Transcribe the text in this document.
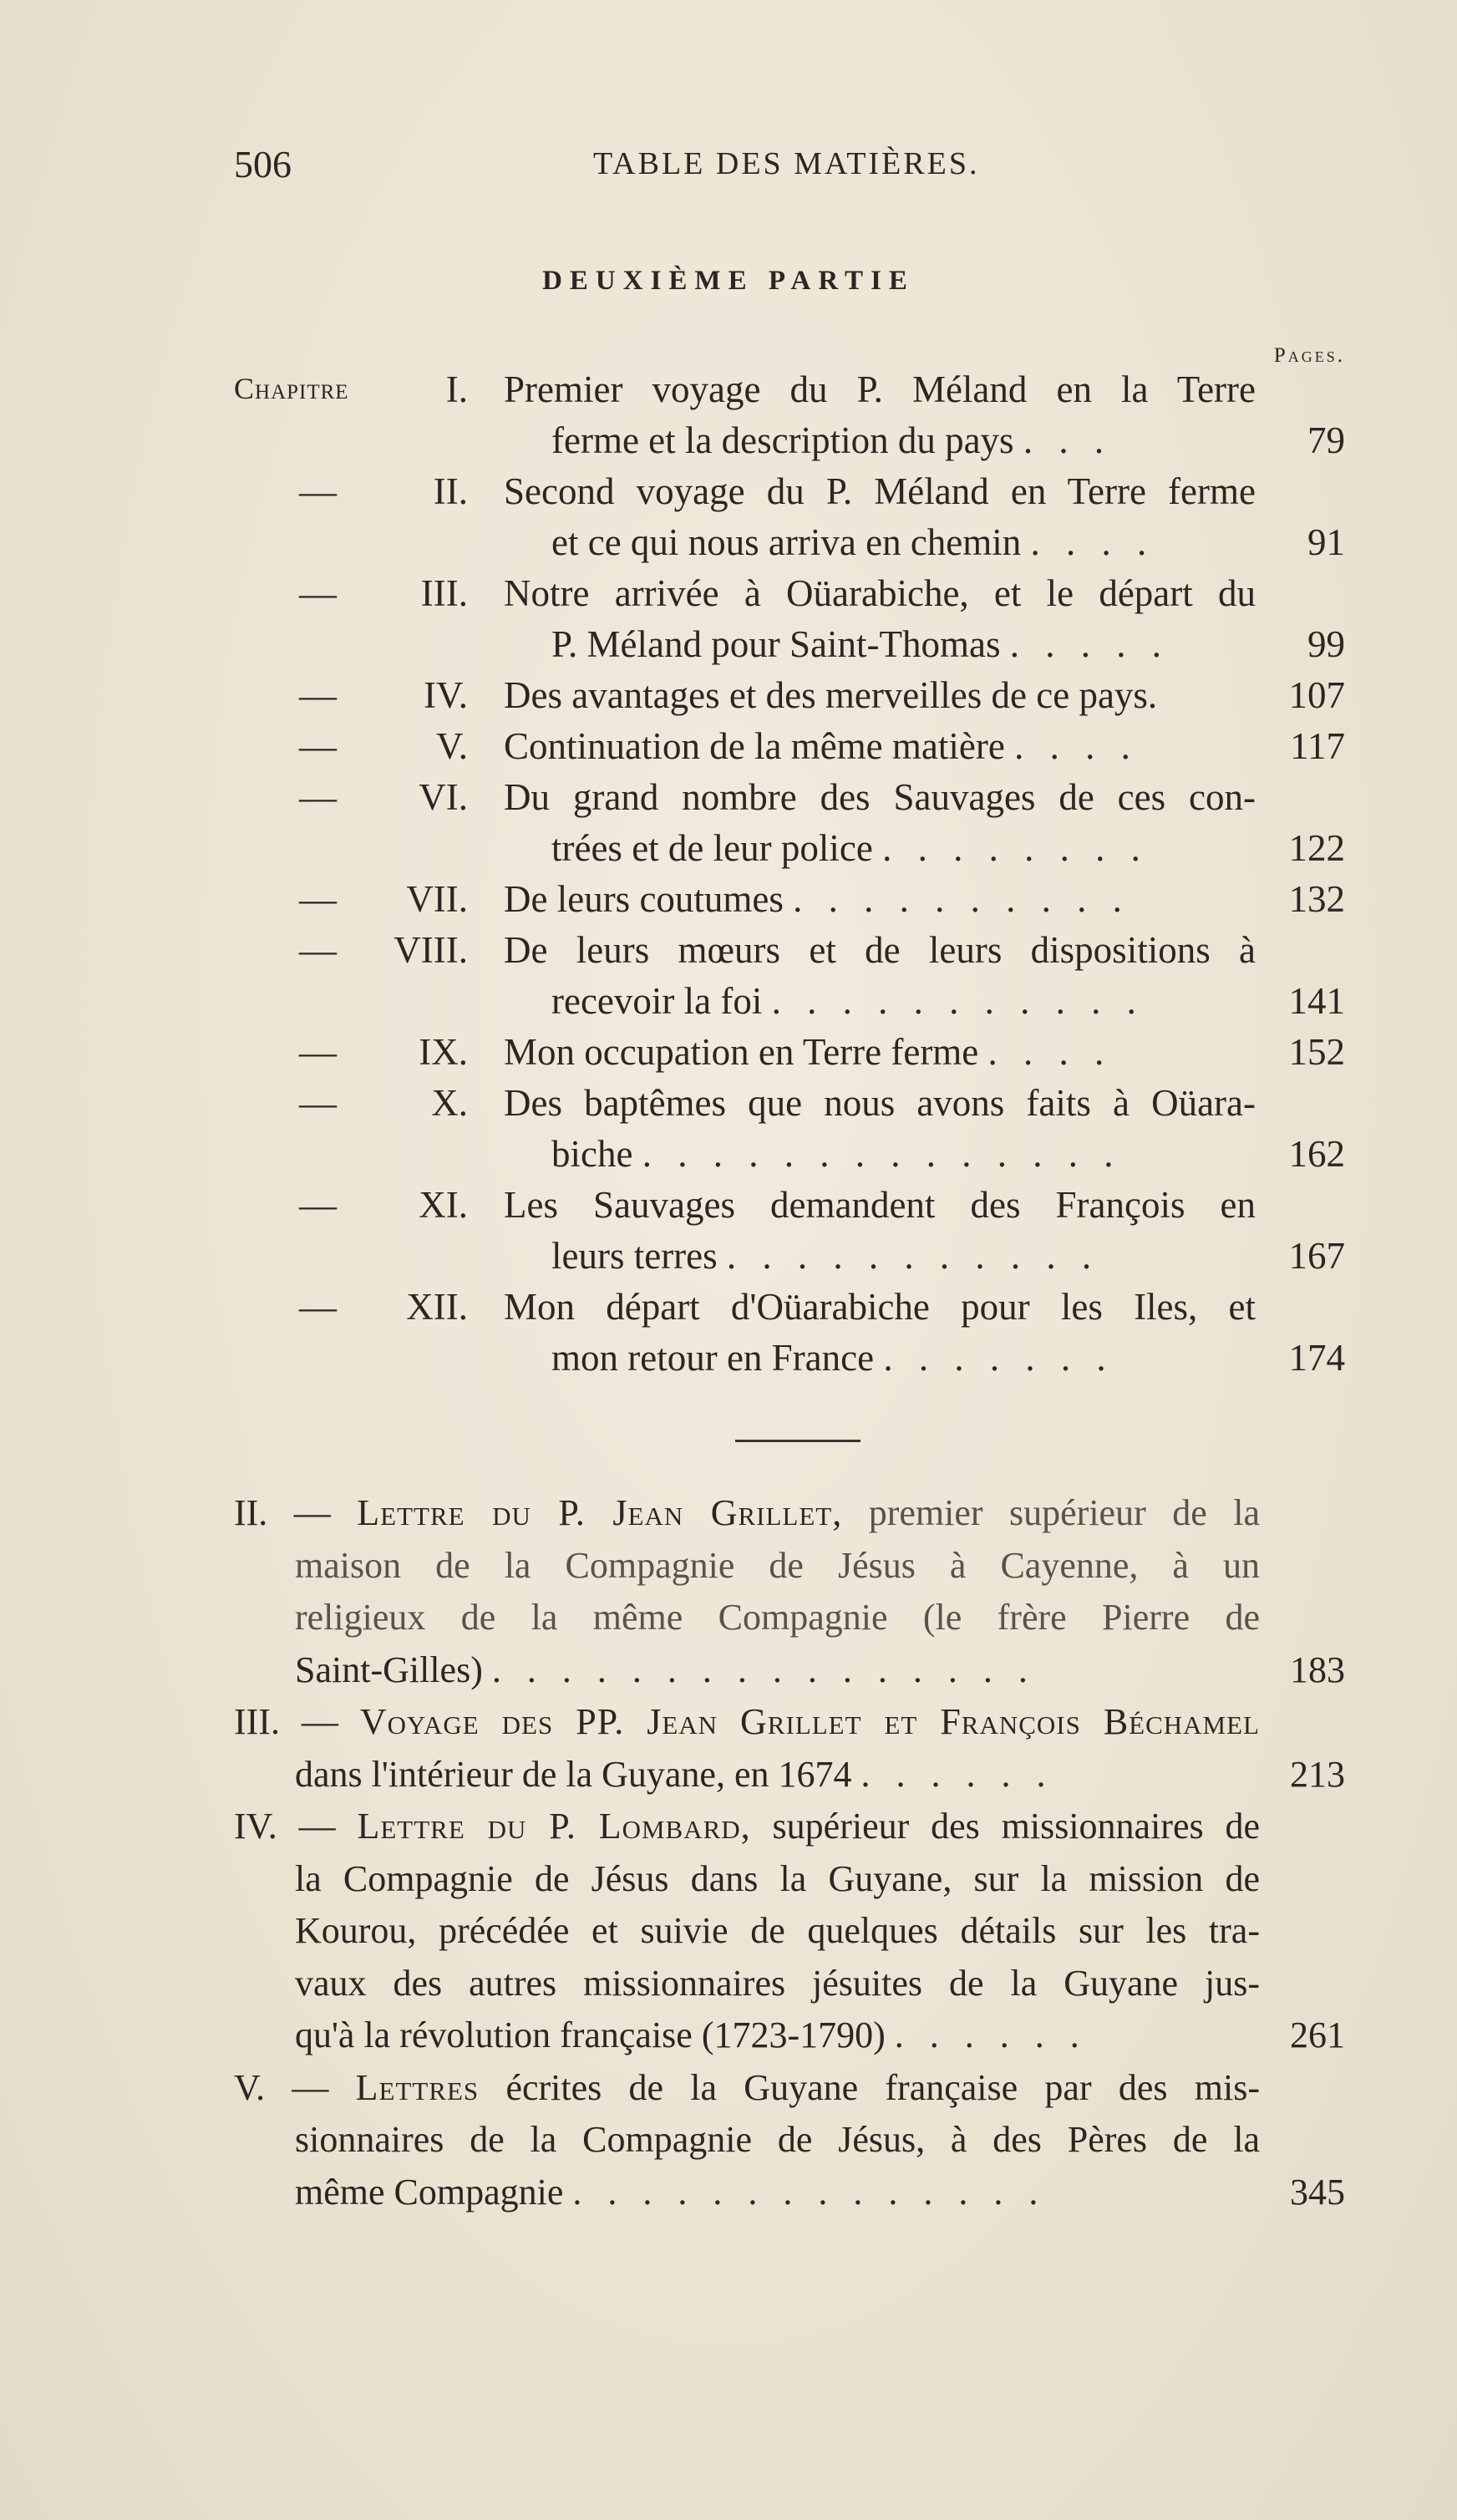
506	TABLE DES MATIÈRES.
DEUXIÈME PARTIE
Pages.
Chapitre	I. Premier voyage du P. Méland en la Terre
ferme et la description du pays . . .	79
—	II. Second voyage du P. Méland en Terre ferme
et ce qui nous arriva en chemin . . . .	91
— III. Notre arrivée à Oüarabiche, et le départ du
P. Méland pour Saint-Thomas . . . . .	99
— IV. Des avantages et des merveilles de ce pays.	107
—	V. Continuation de la même matière . . . .	117
— VI. Du grand nombre des Sauvages de ces con-
trées et de leur police . . . . . . . .	122
— VII. De leurs coutumes . . . . . . . . . .	132
— VIII. De leurs mœurs et de leurs dispositions à
recevoir la foi . . . . . . . . . . .	141
— IX. Mon occupation en Terre ferme . . . .	152
—	X. Des baptêmes que nous avons faits à Oüara-
biche . . . . . . . . . . . . . .	162
— XI. Les Sauvages demandent des François en
leurs terres . . . . . . . . . . .	167
— XII. Mon départ d'Oüarabiche pour les Iles, et
mon retour en France . . . . . . .	174
II. — Lettre du P. Jean Grillet, premier supérieur de la
maison de la Compagnie de Jésus à Cayenne, à un
religieux de la même Compagnie (le frère Pierre de
Saint-Gilles) . . . . . . . . . . . . . . . .	183
III. — Voyage des PP. Jean Grillet et François Béchamel
dans l'intérieur de la Guyane, en 1674 . . . . . .	213
IV. — Lettre du P. Lombard, supérieur des missionnaires de
la Compagnie de Jésus dans la Guyane, sur la mission de
Kourou, précédée et suivie de quelques détails sur les tra-
vaux des autres missionnaires jésuites de la Guyane jus-
qu'à la révolution française (1723-1790) . . . . . .	261
V. — Lettres écrites de la Guyane française par des mis-
sionnaires de la Compagnie de Jésus, à des Pères de la
même Compagnie . . . . . . . . . . . . . .	345
